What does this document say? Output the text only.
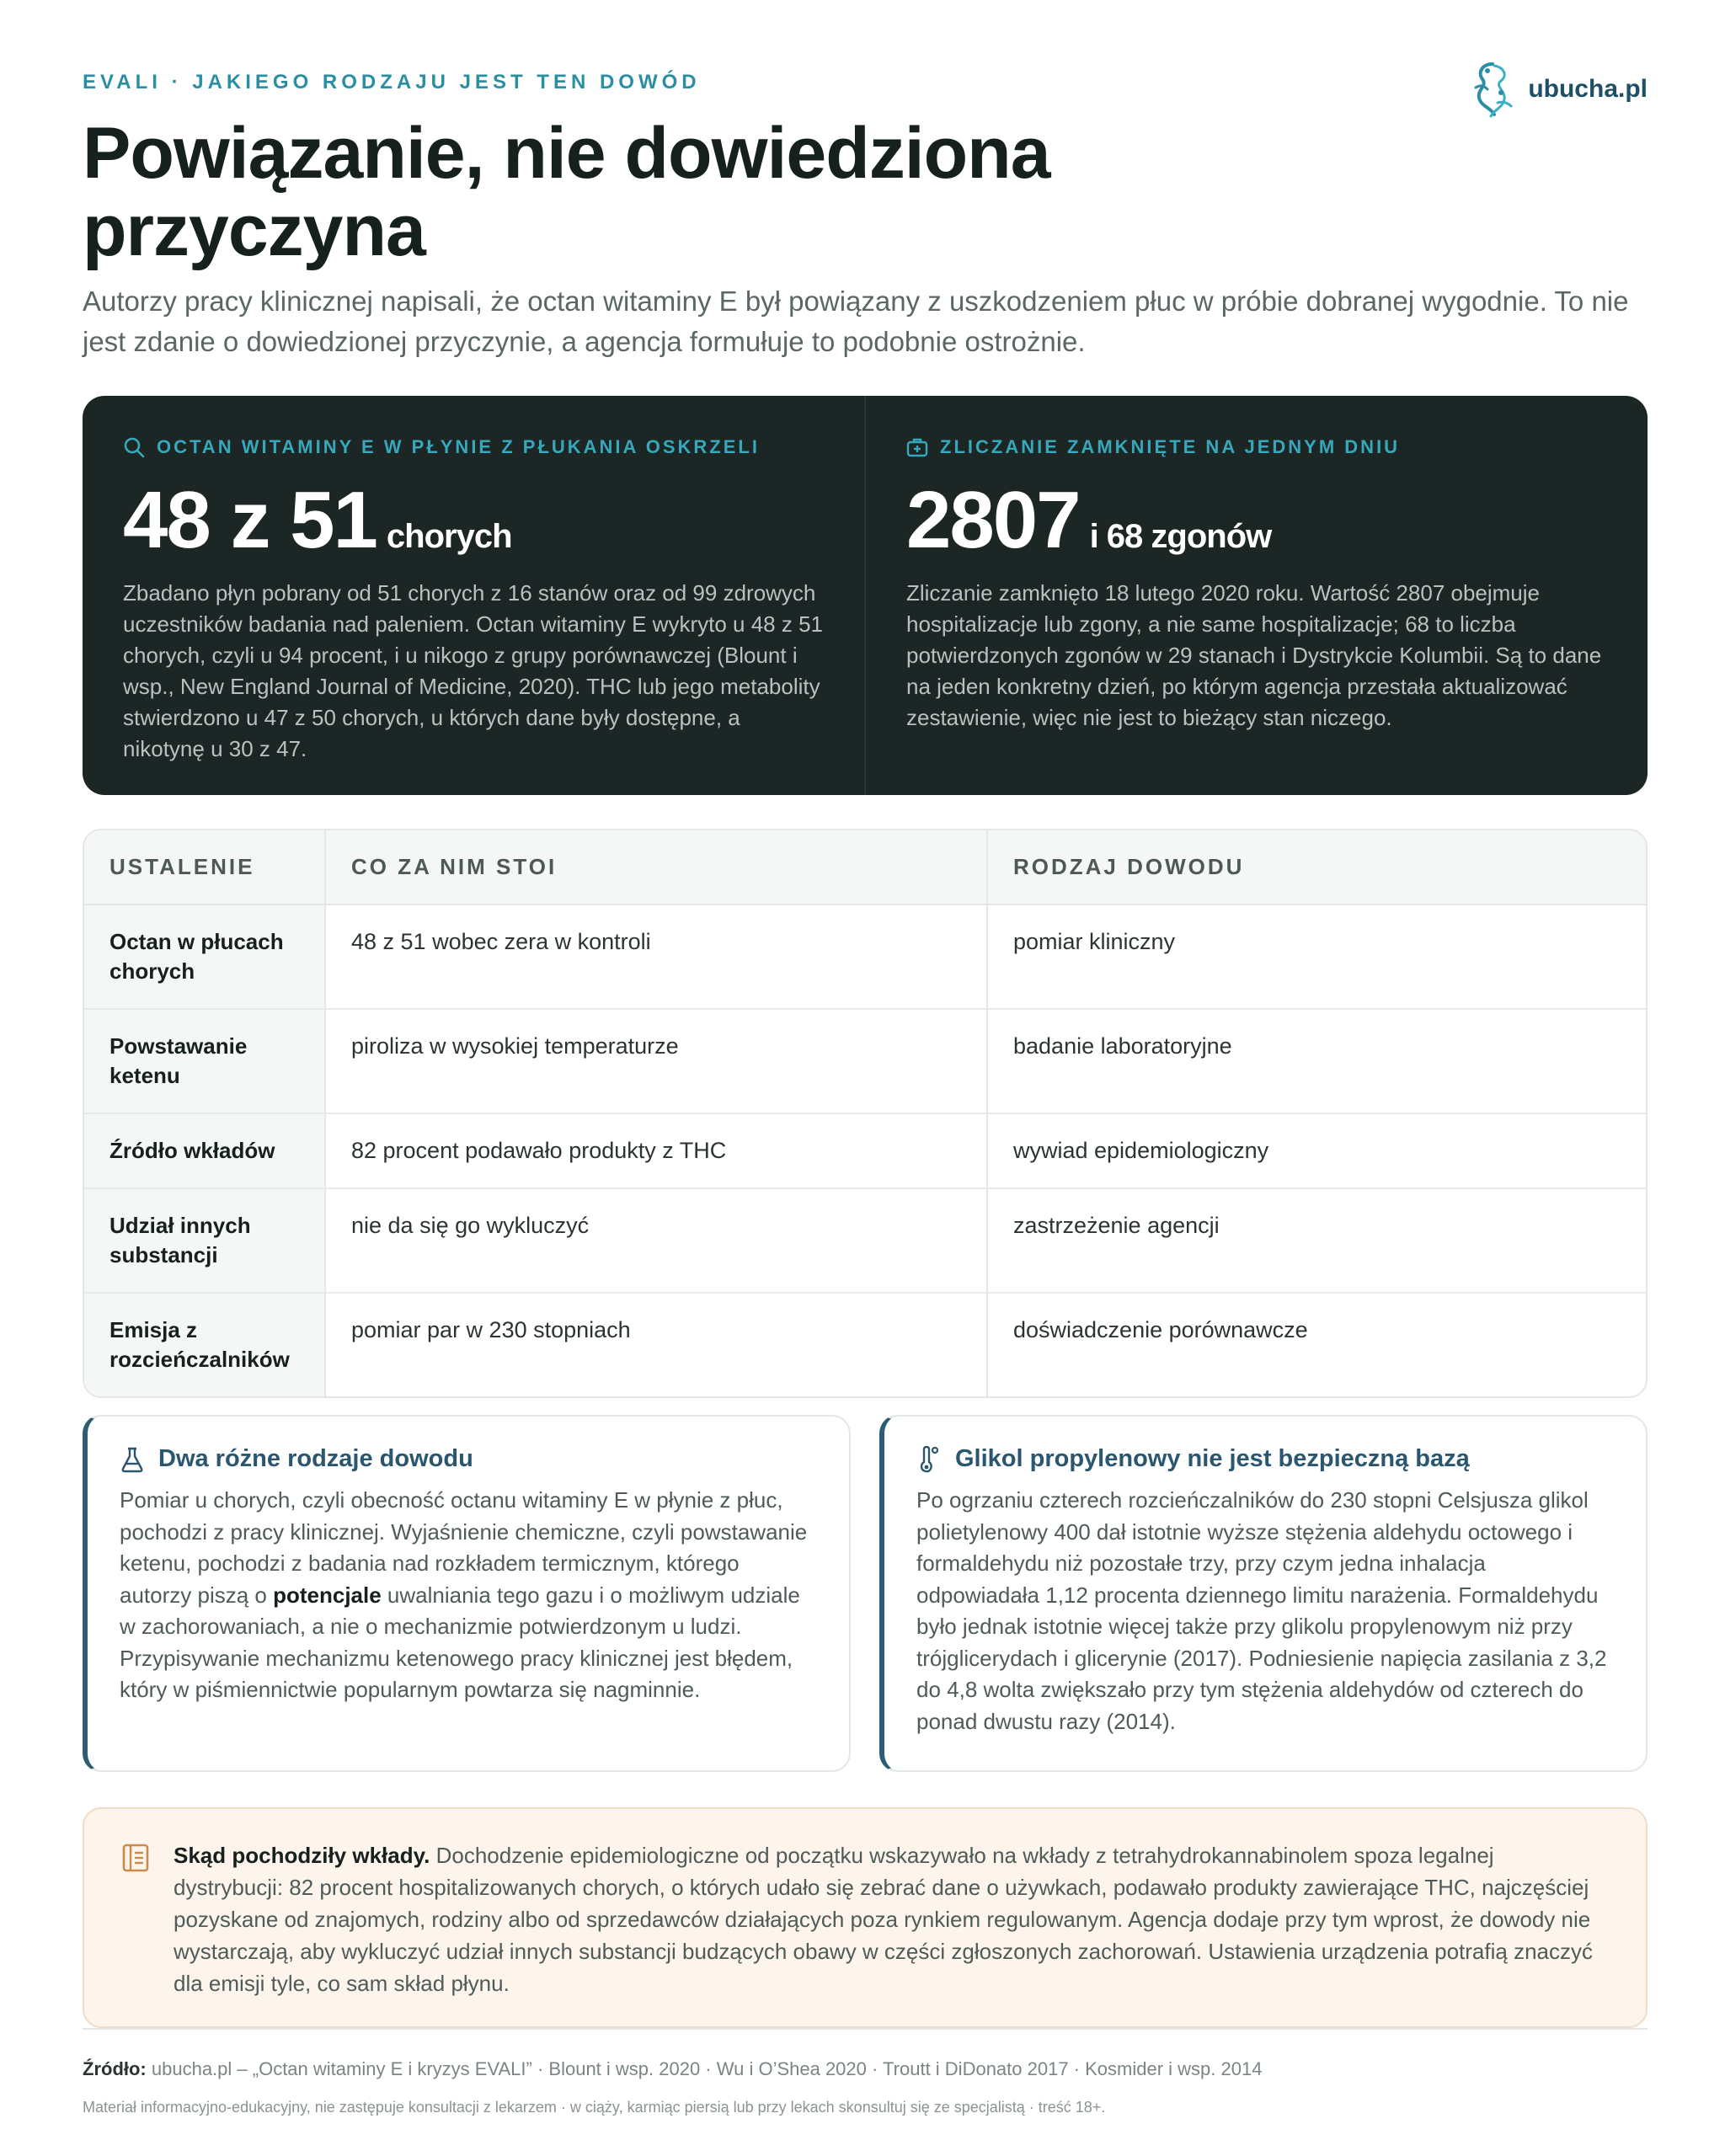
EVALI · JAKIEGO RODZAJU JEST TEN DOWÓD	ubucha.pl
Powiązanie, nie dowiedziona przyczyna

Autorzy pracy klinicznej napisali, że octan witaminy E był powiązany z uszkodzeniem płuc w próbie dobranej wygodnie. To nie jest zdanie o dowiedzionej przyczynie, a agencja formułuje to podobnie ostrożnie.

OCTAN WITAMINY E W PŁYNIE Z PŁUKANIA OSKRZELI
48 z 51 chorych

Zbadano płyn pobrany od 51 chorych z 16 stanów oraz od 99 zdrowych uczestników badania nad paleniem. Octan witaminy E wykryto u 48 z 51 chorych, czyli u 94 procent, i u nikogo z grupy porównawczej (Blount i wsp., New England Journal of Medicine, 2020). THC lub jego metabolity stwierdzono u 47 z 50 chorych, u których dane były dostępne, a nikotynę u 30 z 47.

ZLICZANIE ZAMKNIĘTE NA JEDNYM DNIU
2807 i 68 zgonów

Zliczanie zamknięto 18 lutego 2020 roku. Wartość 2807 obejmuje hospitalizacje lub zgony, a nie same hospitalizacje; 68 to liczba potwierdzonych zgonów w 29 stanach i Dystrykcie Kolumbii. Są to dane na jeden konkretny dzień, po którym agencja przestała aktualizować zestawienie, więc nie jest to bieżący stan niczego.

USTALENIE	CO ZA NIM STOI	RODZAJ DOWODU
Octan w płucach chorych	48 z 51 wobec zera w kontroli	pomiar kliniczny
Powstawanie ketenu	piroliza w wysokiej temperaturze	badanie laboratoryjne
Źródło wkładów	82 procent podawało produkty z THC	wywiad epidemiologiczny
Udział innych substancji	nie da się go wykluczyć	zastrzeżenie agencji
Emisja z rozcieńczalników	pomiar par w 230 stopniach	doświadczenie porównawcze
Dwa różne rodzaje dowodu

Pomiar u chorych, czyli obecność octanu witaminy E w płynie z płuc, pochodzi z pracy klinicznej. Wyjaśnienie chemiczne, czyli powstawanie ketenu, pochodzi z badania nad rozkładem termicznym, którego autorzy piszą o potencjale uwalniania tego gazu i o możliwym udziale w zachorowaniach, a nie o mechanizmie potwierdzonym u ludzi. Przypisywanie mechanizmu ketenowego pracy klinicznej jest błędem, który w piśmiennictwie popularnym powtarza się nagminnie.

Glikol propylenowy nie jest bezpieczną bazą

Po ogrzaniu czterech rozcieńczalników do 230 stopni Celsjusza glikol polietylenowy 400 dał istotnie wyższe stężenia aldehydu octowego i formaldehydu niż pozostałe trzy, przy czym jedna inhalacja odpowiadała 1,12 procenta dziennego limitu narażenia. Formaldehydu było jednak istotnie więcej także przy glikolu propylenowym niż przy trójglicerydach i glicerynie (2017). Podniesienie napięcia zasilania z 3,2 do 4,8 wolta zwiększało przy tym stężenia aldehydów od czterech do ponad dwustu razy (2014).

Skąd pochodziły wkłady. Dochodzenie epidemiologiczne od początku wskazywało na wkłady z tetrahydrokannabinolem spoza legalnej dystrybucji: 82 procent hospitalizowanych chorych, o których udało się zebrać dane o używkach, podawało produkty zawierające THC, najczęściej pozyskane od znajomych, rodziny albo od sprzedawców działających poza rynkiem regulowanym. Agencja dodaje przy tym wprost, że dowody nie wystarczają, aby wykluczyć udział innych substancji budzących obawy w części zgłoszonych zachorowań. Ustawienia urządzenia potrafią znaczyć dla emisji tyle, co sam skład płynu.

Źródło: ubucha.pl – „Octan witaminy E i kryzys EVALI” · Blount i wsp. 2020 · Wu i O’Shea 2020 · Troutt i DiDonato 2017 · Kosmider i wsp. 2014

Materiał informacyjno-edukacyjny, nie zastępuje konsultacji z lekarzem · w ciąży, karmiąc piersią lub przy lekach skonsultuj się ze specjalistą · treść 18+.
